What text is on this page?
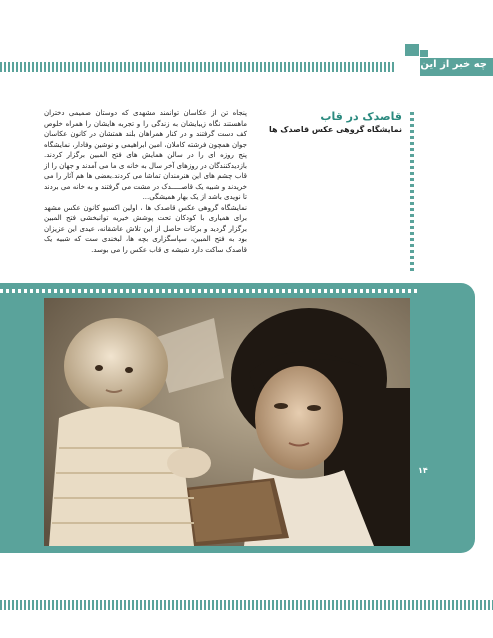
چه خبر از این خانه
قاصدک در قاب
نمایشگاه گروهی عکس قاصدک ها

پنجاه تن از عکاسان توانمند مشهدی که دوستان صمیمی دختران ماهستند نگاه زیبایشان به زندگی را و تجربه هایشان را همراه خلوص کف دست گرفتند و در کنار همراهان بلند همتشان در کانون عکاسان جوان همچون فرشته کاملان، امین ابراهیمی و نوشین وفادار، نمایشگاه پنج روزه ای را در سالن همایش های فتح المبین برگزار کردند. بازدیدکنندگان در روزهای آخر سال به خانه ی ما می آمدند و جهان را از قاب چشم های این هنرمندان تماشا می کردند.بعضی ها هم آثار را می خریدند و شبیه یک قاصـــــدک در مشت می گرفتند و به خانه می بردند تا نویدی باشد از یک بهار همیشگی...

نمایشگاه گروهی عکس قاصدک ها ، اولین اکسپو کانون عکس مشهد برای همیاری با کودکان تحت پوشش خیریه توانبخشی فتح المبین برگزار گردید و برکات حاصل از این تلاش عاشقانه، عیدی این عزیزان بود به فتح المبین، سپاسگزاری بچه ها، لبخندی ست که شبیه یک قاصدک ساکت دارد شیشه ی قاب عکس را می بوسد.

۱۴
